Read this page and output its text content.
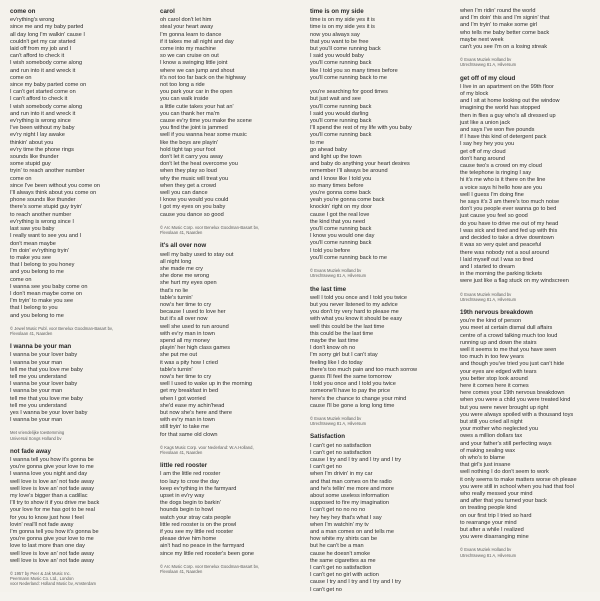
come on
ev'rything's wrong
since me and my baby parted
all day long I'm walkin' cause I
couldn't get my car started
laid off from my job and I
can't afford to check it
I wish somebody come along
and run into it and wreck it
come on
since my baby parted come on
I can't get started come on
I can't afford to check it
I wish somebody come along
and run into it and wreck it
ev'rything is wrong since
I've been without my baby
ev'ry night I lay awake
thinkin' about you
ev'ry time the phone rings
sounds like thunder
some stupid guy
tryin' to reach another number
come on
since I've been without you come on
I'll always think about you come on
phone sounds like thunder
there's some stupid guy tryin'
to reach another number
ev'rything is wrong since I
last saw you baby
I really want to see you and I
don't mean maybe
I'm doin' ev'rything tryin'
to make you see
that I belong to you honey
and you belong to me
come on
I wanna see you baby come on
I don't mean maybe come on
I'm tryin' to make you see
that I belong to you
and you belong to me
© Jewel Music Publ. voor Benelux Goodman-Basart bv,
Flevolaan 41, Naarden
I wanna be your man
I wanna be your lover baby
I wanna be your man
tell me that you love me baby
tell me you understand
I wanna be your lover baby
I wanna be your man
tell me that you love me baby
tell me you understand
yes I wanna be your lover baby
I wanna be your man
Met vriendelijke toestemming
Universal Songs Holland bv
not fade away
I wanna tell you how it's gonna be
you're gonna give your love to me
I wanna love you night and day
well love is love an' not fade away
well love is love an' not fade away
my love's bigger than a cadillac
I'll try to show it if you drive me back
your love for me has got to be real
for you to know just how I feel
lovin' real'll not fade away
I'm gonna tell you how it's gonna be
you're gonna give your love to me
love to last more than one day
well love is love an' not fade away
well love is love an' not fade away
© 1957 by Peer & Jak Music Inc.
Peermann Music Co. Ltd., London
voor Nederland: Holland Music bv, Amsterdam
carol
oh carol don't let him
steal your heart away
I'm gonna learn to dance
if it takes me all night and day
come into my machine
so we can cruise on out
I know a swinging little joint
where we can jump and shout
it's not too far back on the highway
not too long a ride
you park your car in the open
you can walk inside
a little cutie takes your hat an'
you can thank her ma'm
cause ev'ry time you make the scene
you find the joint is jammed
well if you wanna hear some music
like the boys are playin'
hold tight tap your foot
don't let it carry you away
don't let the heat overcome you
when they play so loud
why the music will treat you
when they get a crowd
well you can dance
I know you would you could
I got my eyes on you baby
cause you dance so good
© Arc Music Corp. voor Benelux Goodman-Basart bv,
Flevolaan 41, Naarden
it's all over now
well my baby used to stay out
all night long
she made me cry
she done me wrong
she hurt my eyes open
that's no lie
table's turnin'
now's her time to cry
because I used to love her
but it's all over now
well she used to run around
with ev'ry man in town
spend all my money
playin' her high class games
she put me out
it was a pity how I cried
table's turnin'
now's her time to cry
well I used to wake up in the morning
get my breakfast in bed
when I got worried
she'd ease my achin'head
but now she's here and there
with ev'ry man in town
still tryin' to take me
for that same old clown
© Kags Music Corp. voor Nederland: W.A.Holland,
Flevolaan 41, Naarden
little red rooster
I am the little red rooster
too lazy to crow the day
keep ev'rything in the farmyard
upset in ev'ry way
the dogs begin to barkin'
hounds begin to howl
watch your stray cats people
little red rooster is on the prowl
if you see my little red rooster
please drive him home
ain't had no peace in the farmyard
since my little red rooster's been gone
© Arc Music Corp. voor Benelux Goodman-Basart bv,
Flevolaan 41, Naarden
time is on my side
time is on my side yes it is
time is on my side yes it is
now you always say
that you want to be free
but you'll come running back
I said you would baby
you'll come running back
like I told you so many times before
you'll come running back to me
you're searching for good times
but just wait and see
you'll come running back
I said you would darling
you'll come running back
I'll spend the rest of my life with you baby
you'll come running back
to me
go ahead baby
and light up the town
and baby do anything your heart desires
remember I'll always be around
and I know like I told you
so many times before
you're gonna come back
yeah you're gonna come back
knockin' right on my door
cause I got the real love
the kind that you need
you'll come running back
I know you would one day
you'll come running back
I told you before
you'll come running back to me
© Evans Muziek Holland bv
Utrechtseweg 81 A, Hilversum
the last time
well I told you once and I told you twice
but you never listened to my advice
you don't try very hard to please me
with what you know it should be easy
well this could be the last time
this could be the last time
maybe the last time
I don't know oh no
I'm sorry girl but I can't stay
feeling like I do today
there's too much pain and too much sorrow
guess I'll feel the same tomorrow
I told you once and I told you twice
someone'll have to pay the price
here's the chance to change your mind
cause I'll be gone a long long time
© Evans Muziek Holland bv
Utrechtseweg 81 A, Hilversum
Satisfaction
I can't get no satisfaction
I can't get no satisfaction
cause I try and I try and I try and I try
I can't get no
when I'm drivin' in my car
and that man comes on the radio
and he's tellin' me more and more
about some useless information
supposed to fire my imagination
I can't get no no no no
hey hey hey that's what I say
when I'm watchin' my tv
and a man comes on and tells me
how white my shirts can be
but he can't be a man
cause he doesn't smoke
the same cigarettes as me
I can't get no satisfaction
I can't get no girl with action
cause I try and I try and I try and I try
I can't get no
when I'm ridin' round the world
and I'm doin' this and I'm signin' that
and I'm tryin' to make some girl
who tells me baby better come back
maybe next week
can't you see I'm on a losing streak
© Evans Muziek Holland bv
Utrechtseweg 81 A, Hilversum
get off of my cloud
I live in an apartment on the 99th floor
of my block
and I sit at home looking out the window
imagining the world has stopped
then in flies a guy who's all dressed up
just like a union jack
and says I've won five pounds
if I have this kind of detergent pack
I say hey hey you you
get off of my cloud
don't hang around
cause two's a crowd on my cloud
the telephone is ringing I say
hi it's me who is it there on the line
a voice says hi hello how are you
well I guess I'm doing fine
he says it's 3 am there's too much noise
don't you people ever wanna go to bed
just cause you feel so good
do you have to drive me out of my head
I was sick and tired and fed up with this
and decided to take a drive downtown
it was so very quiet and peaceful
there was nobody not a soul around
I laid myself out I was so tired
and I started to dream
in the morning the parking tickets
were just like a flag stuck on my windscreen
© Evans Muziek Holland bv
Utrechtseweg 81 A, Hilversum
19th nervous breakdown
you're the kind of person
you meet at certain dismal dull affairs
centre of a crowd talking much too loud
running up and down the stairs
well it seems to me that you have seen
too much in too few years
and though you've tried you just can't hide
your eyes are edged with tears
you better stop look around
here it comes here it comes
here comes your 19th nervous breakdown
when you were a child you were treated kind
but you were never brought up right
you were always spoiled with a thousand toys
but still you cried all night
your mother who neglected you
owes a million dollars tax
and your father's still perfecting ways
of making sealing wax
oh who's to blame
that girl's just insane
well nothing I do don't seem to work
it only seems to make matters worse oh please
you were still in school when you had that fool
who really messed your mind
and after that you turned your back
on treating people kind
on our first trip I tried so hard
to rearrange your mind
but after a while I realized
you were disarranging mine
© Evans Muziek Holland bv
Utrechtseweg 81 A, Hilversum
